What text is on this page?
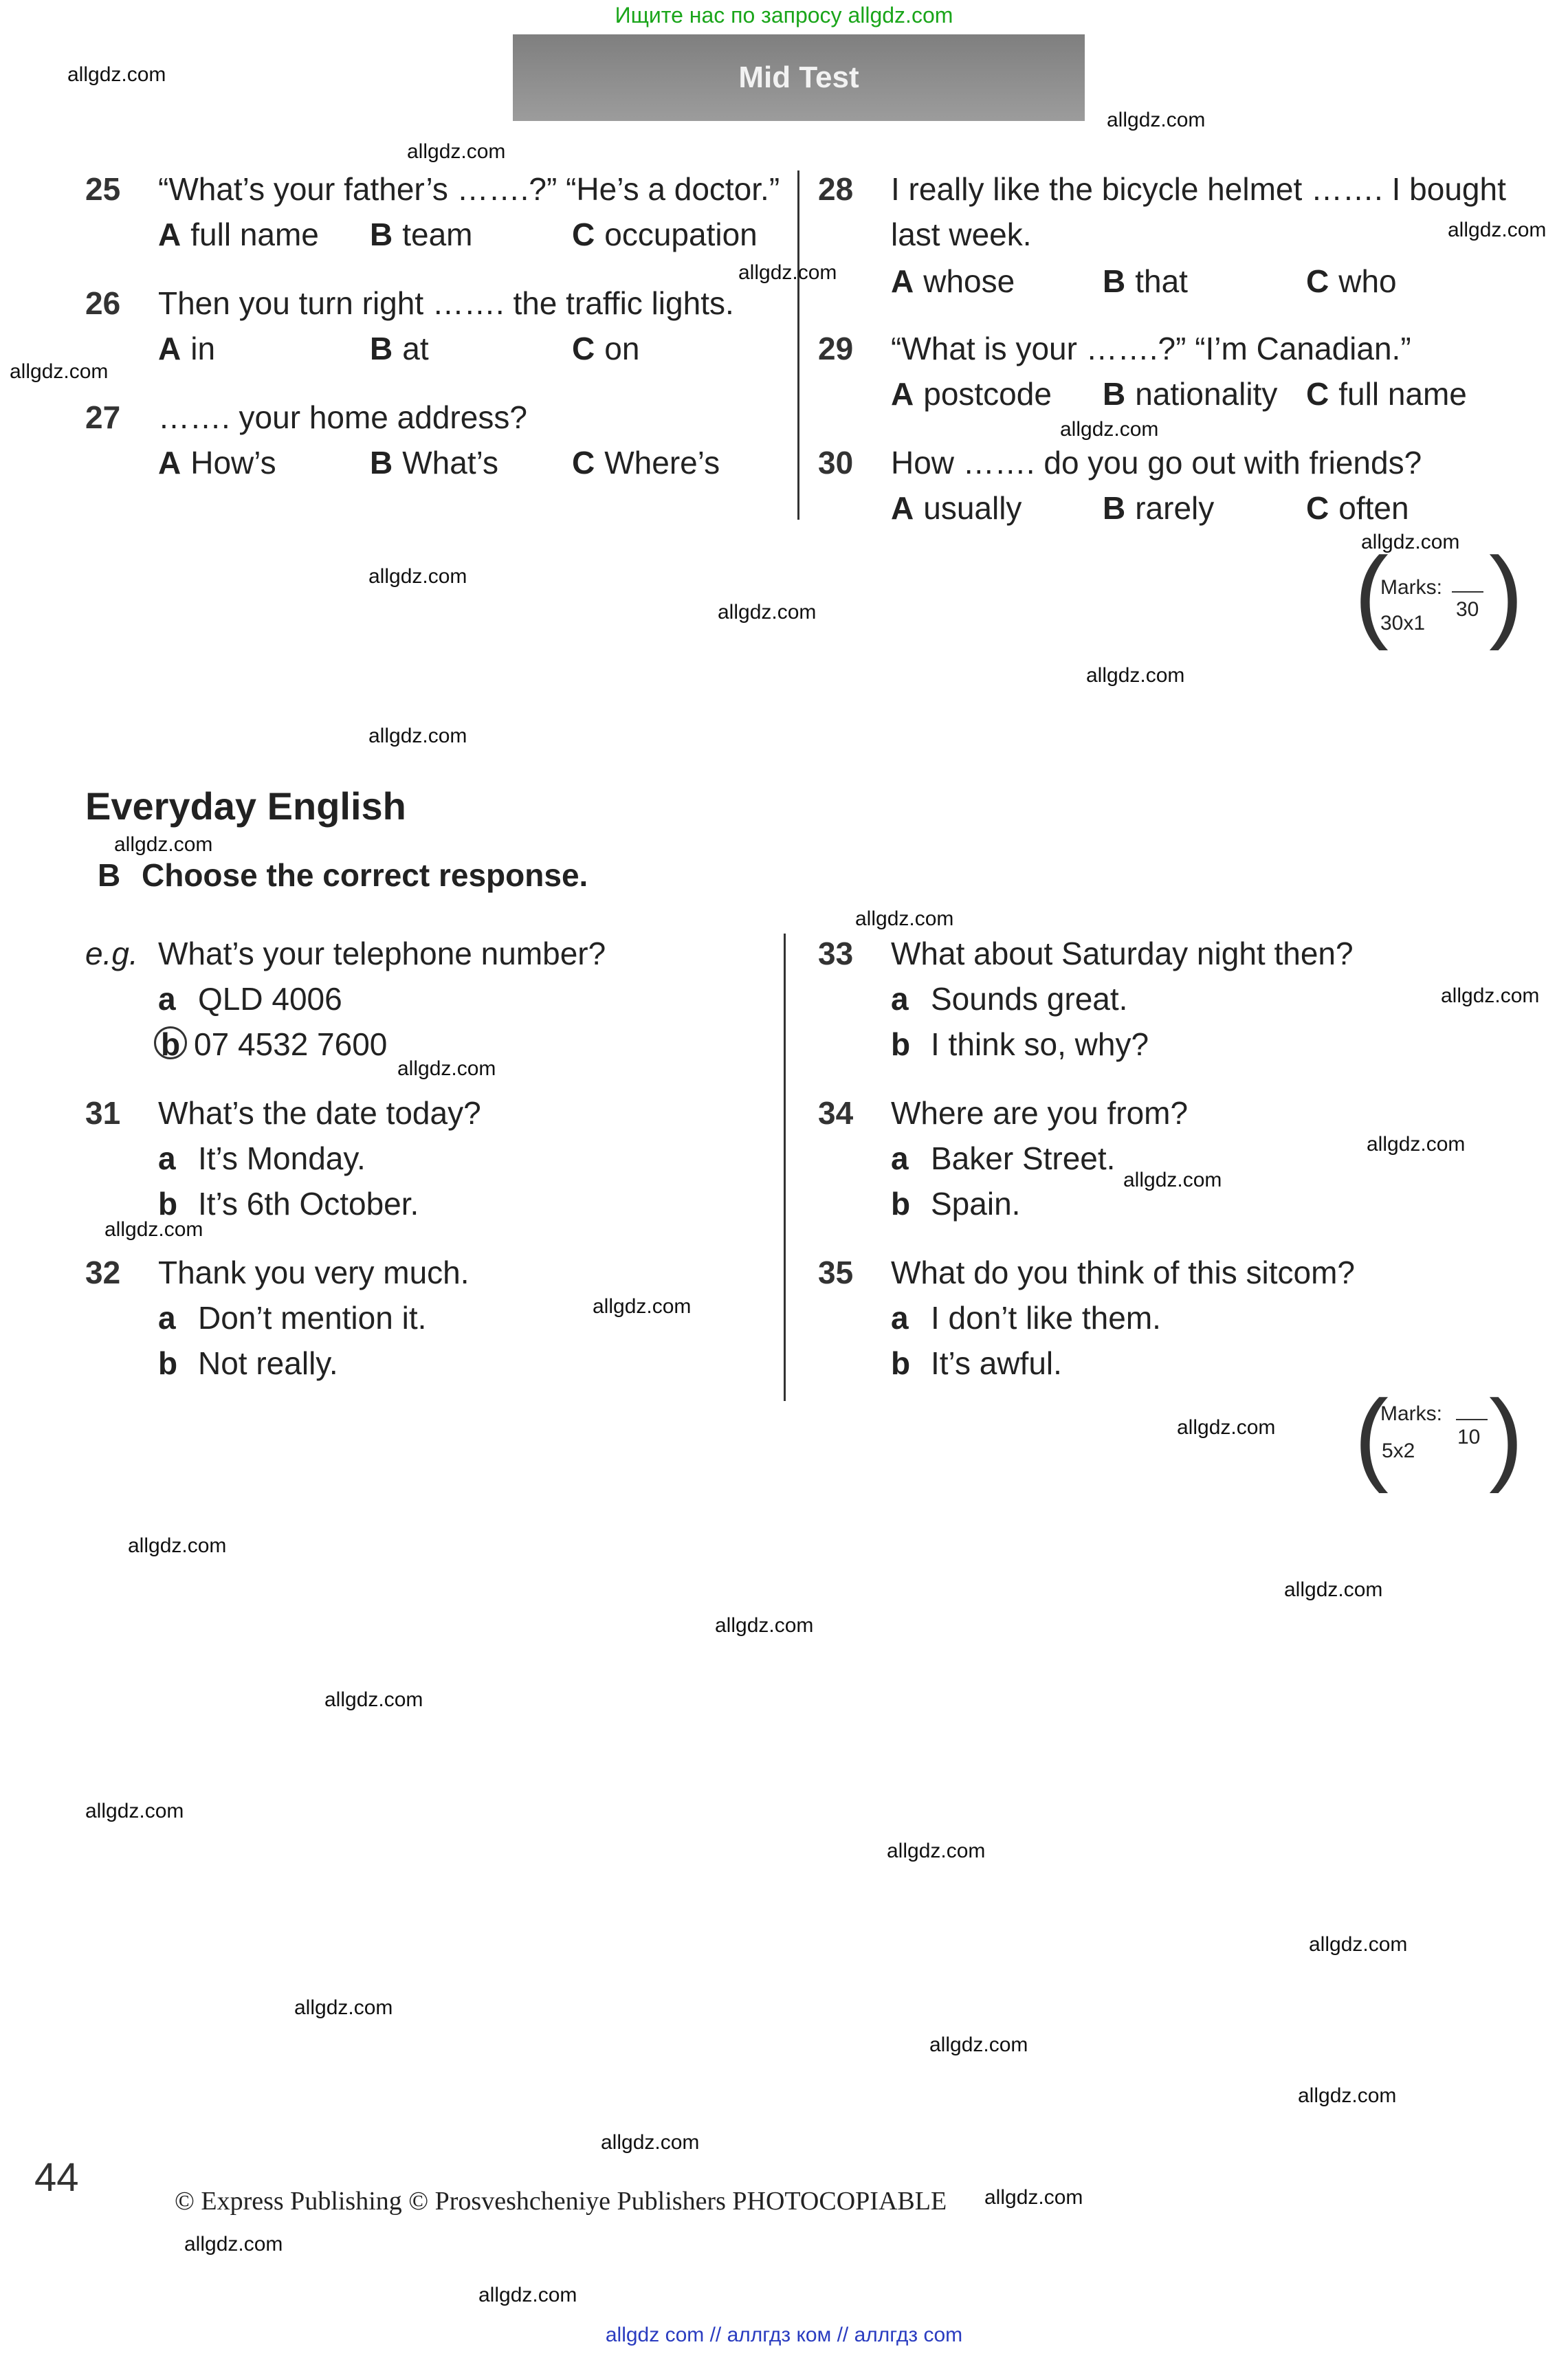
Ищите нас по запросу allgdz.com
Mid Test
25 “What’s your father’s …….?” “He’s a doctor.”
A full name B team	C occupation
26 Then you turn right ……. the traffic lights.
A in	B at	C on
27 ……. your home address?
A How’s	B What’s C Where’s
28 I really like the bicycle helmet ……. I bought
last week.
A whose	B that	C who
29 “What is your …….?” “I’m Canadian.”
A postcode B nationality C full name
30 How ……. do you go out with friends?
A usually	B rarely	C often
( )
Marks:
30
30x1
Everyday English
B Choose the correct response.
e.g. What’s your telephone number?
a QLD 4006
b 07 4532 7600
31 What’s the date today?
a It’s Monday.
b It’s 6th October.
32 Thank you very much.
a Don’t mention it.
b Not really.
33 What about Saturday night then?
a Sounds great.
b I think so, why?
34 Where are you from?
a Baker Street.
b Spain.
35 What do you think of this sitcom?
a I don’t like them.
b It’s awful.
( )
Marks:
10
5x2
44
© Express Publishing © Prosveshcheniye Publishers PHOTOCOPIABLE
allgdz com // аллгдз ком // аллгдз com
allgdz.com
allgdz.com
allgdz.com
allgdz.com
allgdz.com
allgdz.com
allgdz.com
allgdz.com
allgdz.com
allgdz.com
allgdz.com
allgdz.com
allgdz.com
allgdz.com
allgdz.com
allgdz.com
allgdz.com
allgdz.com
allgdz.com
allgdz.com
allgdz.com
allgdz.com
allgdz.com
allgdz.com
allgdz.com
allgdz.com
allgdz.com
allgdz.com
allgdz.com
allgdz.com
allgdz.com
allgdz.com
allgdz.com
allgdz.com
allgdz.com
